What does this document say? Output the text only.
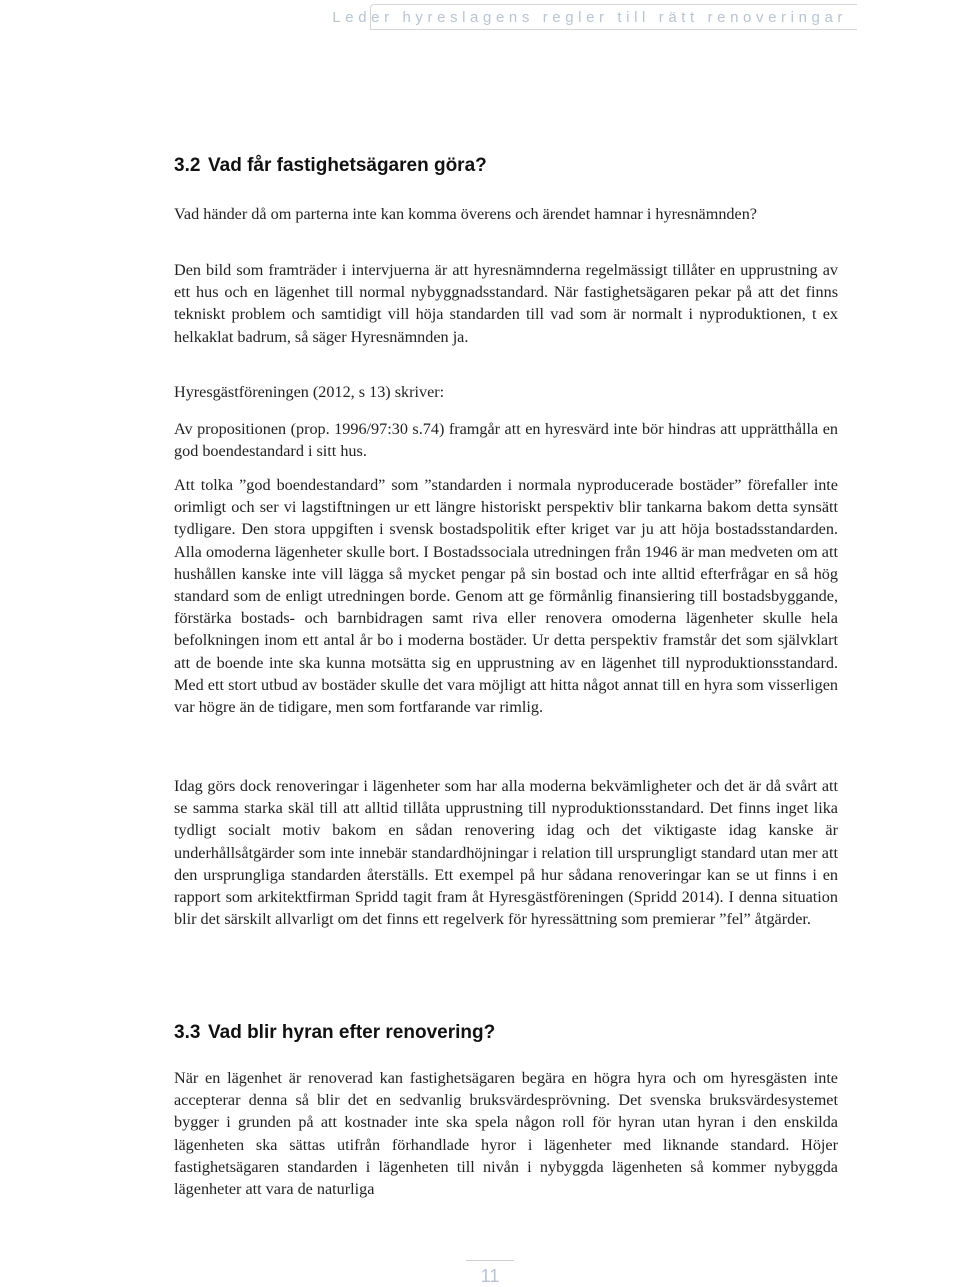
Leder hyreslagens regler till rätt renoveringar
3.2 Vad får fastighetsägaren göra?

Vad händer då om parterna inte kan komma överens och ärendet hamnar i hyresnämnden?

Den bild som framträder i intervjuerna är att hyresnämnderna regelmässigt tillåter en upprustning av ett hus och en lägenhet till normal nybyggnadsstandard. När fastighetsägaren pekar på att det finns tekniskt problem och samtidigt vill höja standarden till vad som är normalt i nyproduktionen, t ex helkaklat badrum, så säger Hyresnämnden ja.

Hyresgästföreningen (2012, s 13) skriver:

Av propositionen (prop. 1996/97:30 s.74) framgår att en hyresvärd inte bör hindras att upprätthålla en god boendestandard i sitt hus.

Att tolka ”god boendestandard” som ”standarden i normala nyproducerade bostäder” förefaller inte orimligt och ser vi lagstiftningen ur ett längre historiskt perspektiv blir tankarna bakom detta synsätt tydligare. Den stora uppgiften i svensk bostadspolitik efter kriget var ju att höja bostadsstandarden. Alla omoderna lägenheter skulle bort. I Bostadssociala utredningen från 1946 är man medveten om att hushållen kanske inte vill lägga så mycket pengar på sin bostad och inte alltid efterfrågar en så hög standard som de enligt utredningen borde. Genom att ge förmånlig finansiering till bostadsbyggande, förstärka bostads- och barnbidragen samt riva eller renovera omoderna lägenheter skulle hela befolkningen inom ett antal år bo i moderna bostäder. Ur detta perspektiv framstår det som självklart att de boende inte ska kunna motsätta sig en upprustning av en lägenhet till nyproduktionsstandard. Med ett stort utbud av bostäder skulle det vara möjligt att hitta något annat till en hyra som visserligen var högre än de tidigare, men som fortfarande var rimlig.

Idag görs dock renoveringar i lägenheter som har alla moderna bekvämligheter och det är då svårt att se samma starka skäl till att alltid tillåta upprustning till nyproduktionsstandard. Det finns inget lika tydligt socialt motiv bakom en sådan renovering idag och det viktigaste idag kanske är underhållsåtgärder som inte innebär standardhöjningar i relation till ursprungligt standard utan mer att den ursprungliga standarden återställs. Ett exempel på hur sådana renoveringar kan se ut finns i en rapport som arkitektfirman Spridd tagit fram åt Hyresgästföreningen (Spridd 2014). I denna situation blir det särskilt allvarligt om det finns ett regelverk för hyressättning som premierar ”fel” åtgärder.

3.3 Vad blir hyran efter renovering?

När en lägenhet är renoverad kan fastighetsägaren begära en högra hyra och om hyresgästen inte accepterar denna så blir det en sedvanlig bruksvärdesprövning. Det svenska bruksvärdesystemet bygger i grunden på att kostnader inte ska spela någon roll för hyran utan hyran i den enskilda lägenheten ska sättas utifrån förhandlade hyror i lägenheter med liknande standard. Höjer fastighetsägaren standarden i lägenheten till nivån i nybyggda lägenheten så kommer nybyggda lägenheter att vara de naturliga

11
